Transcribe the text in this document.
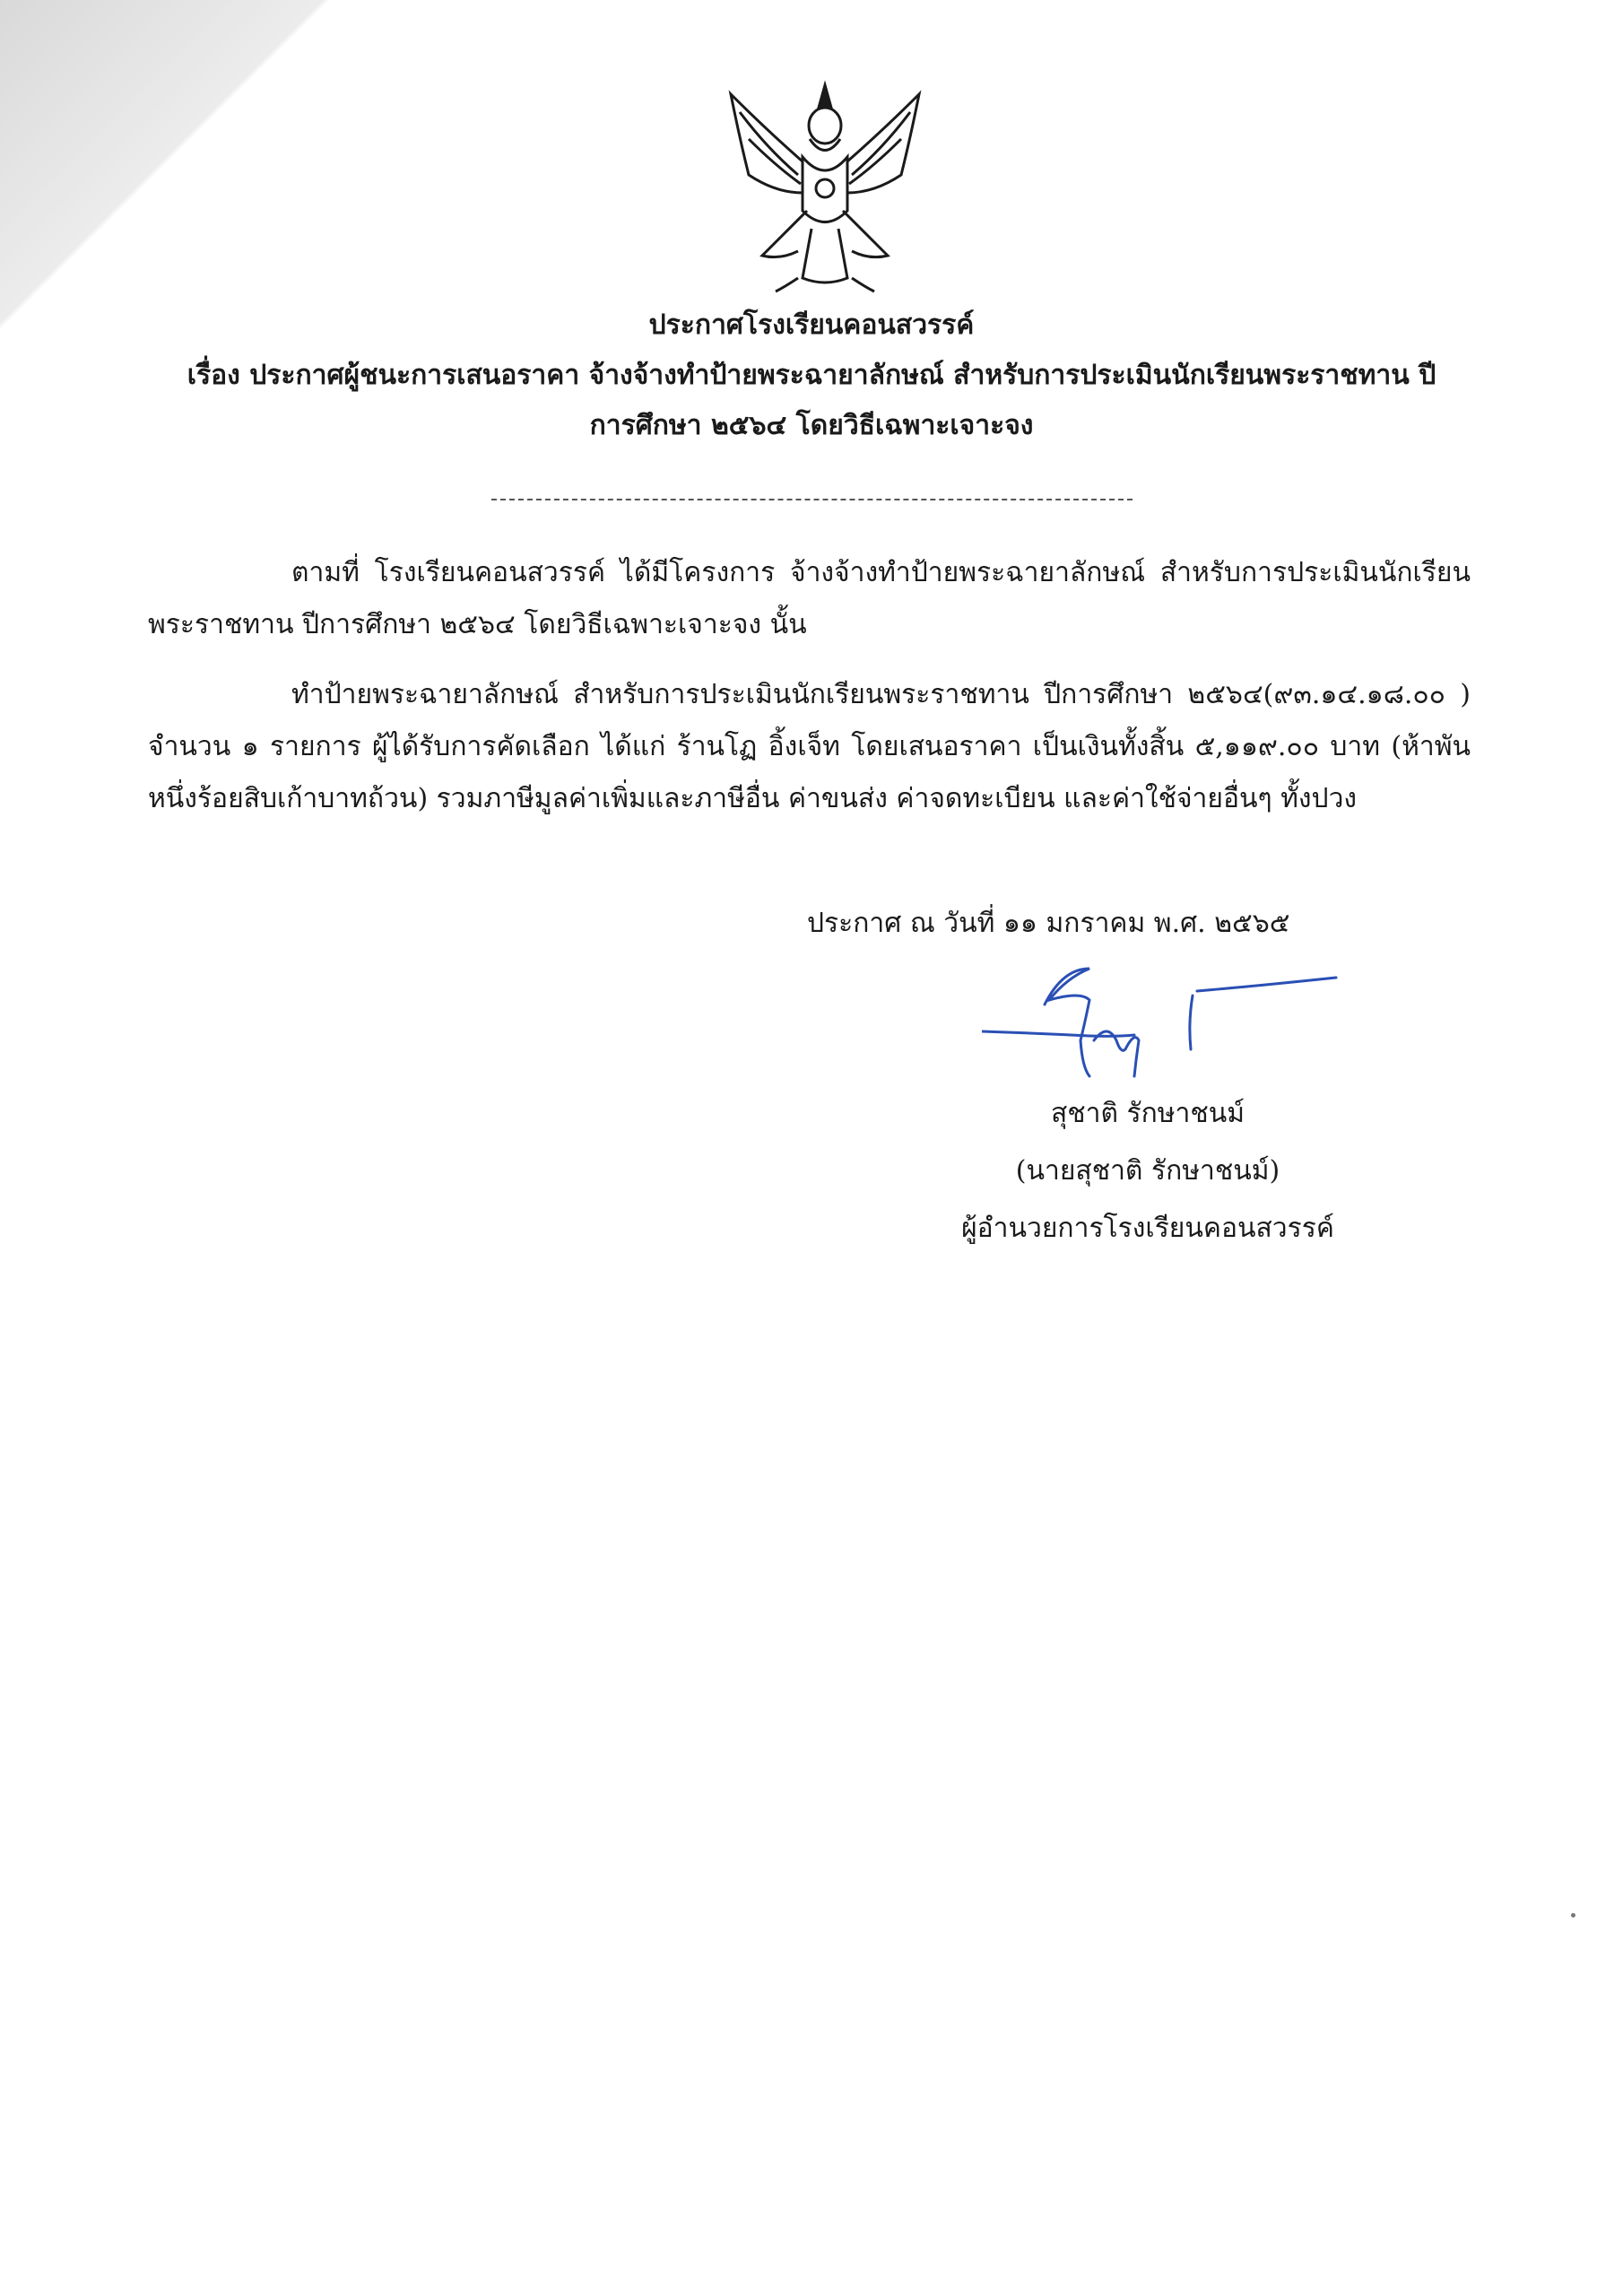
ประกาศโรงเรียนคอนสวรรค์
เรื่อง ประกาศผู้ชนะการเสนอราคา จ้างจ้างทำป้ายพระฉายาลักษณ์ สำหรับการประเมินนักเรียนพระราชทาน ปี
การศึกษา ๒๕๖๔ โดยวิธีเฉพาะเจาะจง

ตามที่ โรงเรียนคอนสวรรค์ ได้มีโครงการ จ้างจ้างทำป้ายพระฉายาลักษณ์ สำหรับการประเมินนักเรียนพระราชทาน ปีการศึกษา ๒๕๖๔ โดยวิธีเฉพาะเจาะจง นั้น

ทำป้ายพระฉายาลักษณ์ สำหรับการประเมินนักเรียนพระราชทาน ปีการศึกษา ๒๕๖๔(๙๓.๑๔.๑๘.๐๐ ) จำนวน ๑ รายการ ผู้ได้รับการคัดเลือก ได้แก่ ร้านโฏ อิ้งเจ็ท โดยเสนอราคา เป็นเงินทั้งสิ้น ๕,๑๑๙.๐๐ บาท (ห้าพันหนึ่งร้อยสิบเก้าบาทถ้วน) รวมภาษีมูลค่าเพิ่มและภาษีอื่น ค่าขนส่ง ค่าจดทะเบียน และค่าใช้จ่ายอื่นๆ ทั้งปวง

ประกาศ ณ วันที่ ๑๑ มกราคม พ.ศ. ๒๕๖๕
สุชาติ รักษาชนม์
(นายสุชาติ รักษาชนม์)
ผู้อำนวยการโรงเรียนคอนสวรรค์
